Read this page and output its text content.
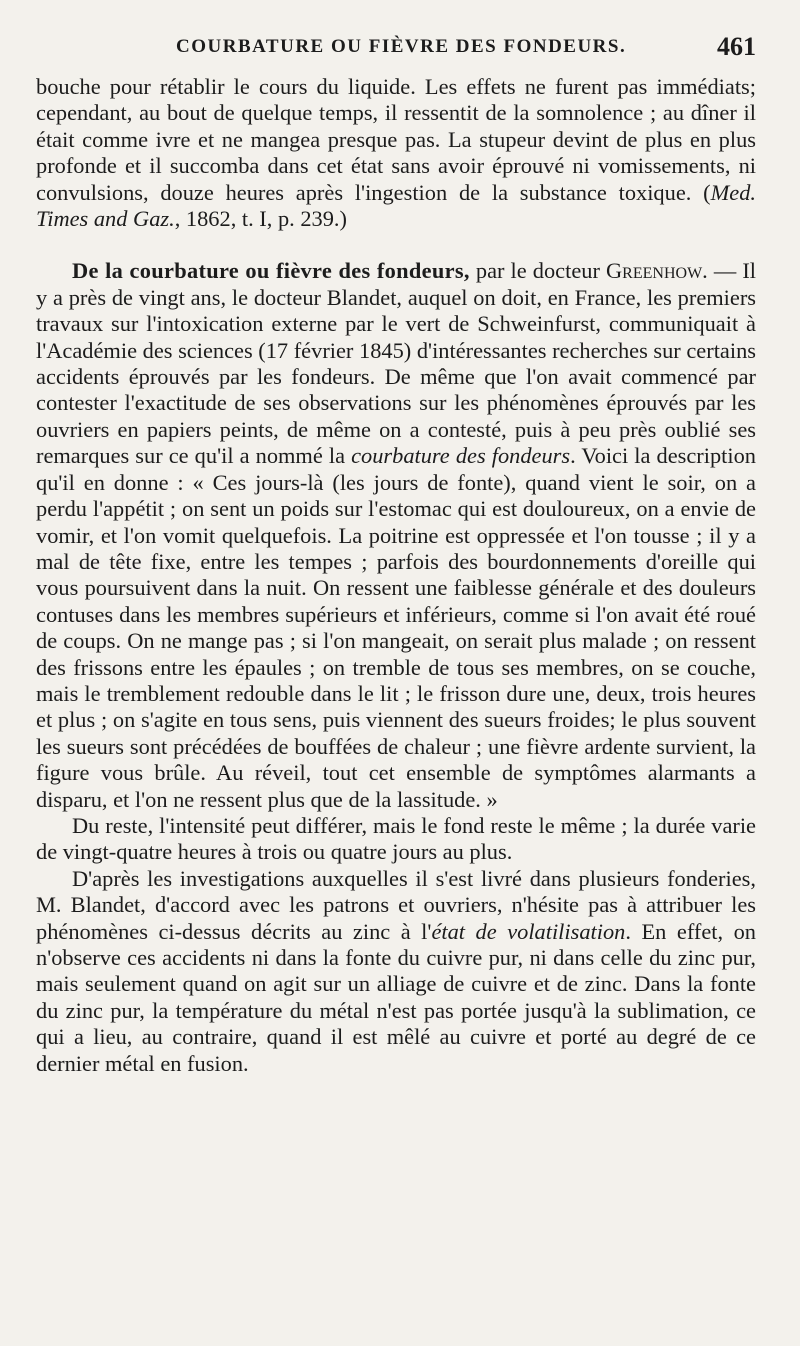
COURBATURE OU FIÈVRE DES FONDEURS.	461

bouche pour rétablir le cours du liquide. Les effets ne furent pas immédiats; cependant, au bout de quelque temps, il ressentit de la somnolence ; au dîner il était comme ivre et ne mangea presque pas. La stupeur devint de plus en plus profonde et il succomba dans cet état sans avoir éprouvé ni vomissements, ni convulsions, douze heures après l'ingestion de la substance toxique. (Med. Times and Gaz., 1862, t. I, p. 239.)

De la courbature ou fièvre des fondeurs, par le docteur Greenhow. — Il y a près de vingt ans, le docteur Blandet, auquel on doit, en France, les premiers travaux sur l'intoxication externe par le vert de Schweinfurst, communiquait à l'Académie des sciences (17 février 1845) d'intéressantes recherches sur certains accidents éprouvés par les fondeurs. De même que l'on avait commencé par contester l'exactitude de ses observations sur les phénomènes éprouvés par les ouvriers en papiers peints, de même on a contesté, puis à peu près oublié ses remarques sur ce qu'il a nommé la courbature des fondeurs. Voici la description qu'il en donne : « Ces jours-là (les jours de fonte), quand vient le soir, on a perdu l'appétit ; on sent un poids sur l'estomac qui est douloureux, on a envie de vomir, et l'on vomit quelquefois. La poitrine est oppressée et l'on tousse ; il y a mal de tête fixe, entre les tempes ; parfois des bourdonnements d'oreille qui vous poursuivent dans la nuit. On ressent une faiblesse générale et des douleurs contuses dans les membres supérieurs et inférieurs, comme si l'on avait été roué de coups. On ne mange pas ; si l'on mangeait, on serait plus malade ; on ressent des frissons entre les épaules ; on tremble de tous ses membres, on se couche, mais le tremblement redouble dans le lit ; le frisson dure une, deux, trois heures et plus ; on s'agite en tous sens, puis viennent des sueurs froides; le plus souvent les sueurs sont précédées de bouffées de chaleur ; une fièvre ardente survient, la figure vous brûle. Au réveil, tout cet ensemble de symptômes alarmants a disparu, et l'on ne ressent plus que de la lassitude. »

Du reste, l'intensité peut différer, mais le fond reste le même ; la durée varie de vingt-quatre heures à trois ou quatre jours au plus.

D'après les investigations auxquelles il s'est livré dans plusieurs fonderies, M. Blandet, d'accord avec les patrons et ouvriers, n'hésite pas à attribuer les phénomènes ci-dessus décrits au zinc à l'état de volatilisation. En effet, on n'observe ces accidents ni dans la fonte du cuivre pur, ni dans celle du zinc pur, mais seulement quand on agit sur un alliage de cuivre et de zinc. Dans la fonte du zinc pur, la température du métal n'est pas portée jusqu'à la sublimation, ce qui a lieu, au contraire, quand il est mêlé au cuivre et porté au degré de ce dernier métal en fusion.
